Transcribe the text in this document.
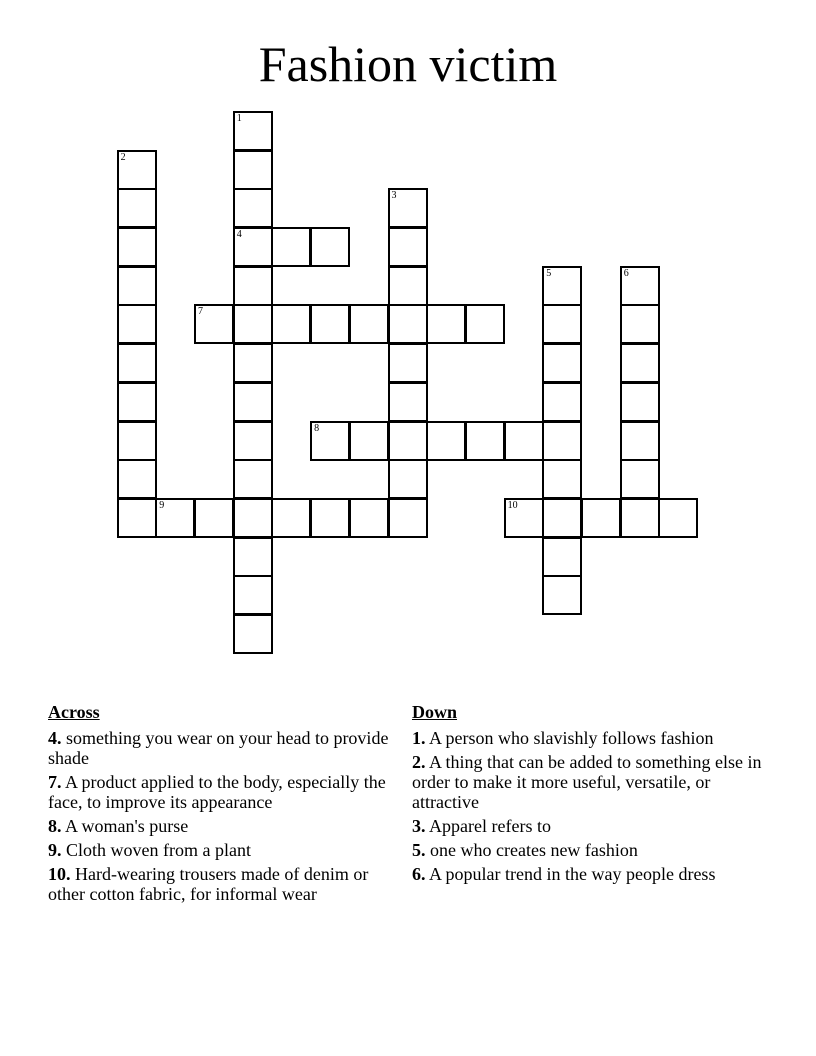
Fashion victim
1
4
2
3
5	6
7
8
9	10
Across
4. something you wear on your head to provide shade
7. A product applied to the body, especially the face, to improve its appearance
8. A woman's purse
9. Cloth woven from a plant
10. Hard-wearing trousers made of denim or other cotton fabric, for informal wear
Down
1. A person who slavishly follows fashion
2. A thing that can be added to something else in order to make it more useful, versatile, or attractive
3. Apparel refers to
5. one who creates new fashion
6. A popular trend in the way people dress
